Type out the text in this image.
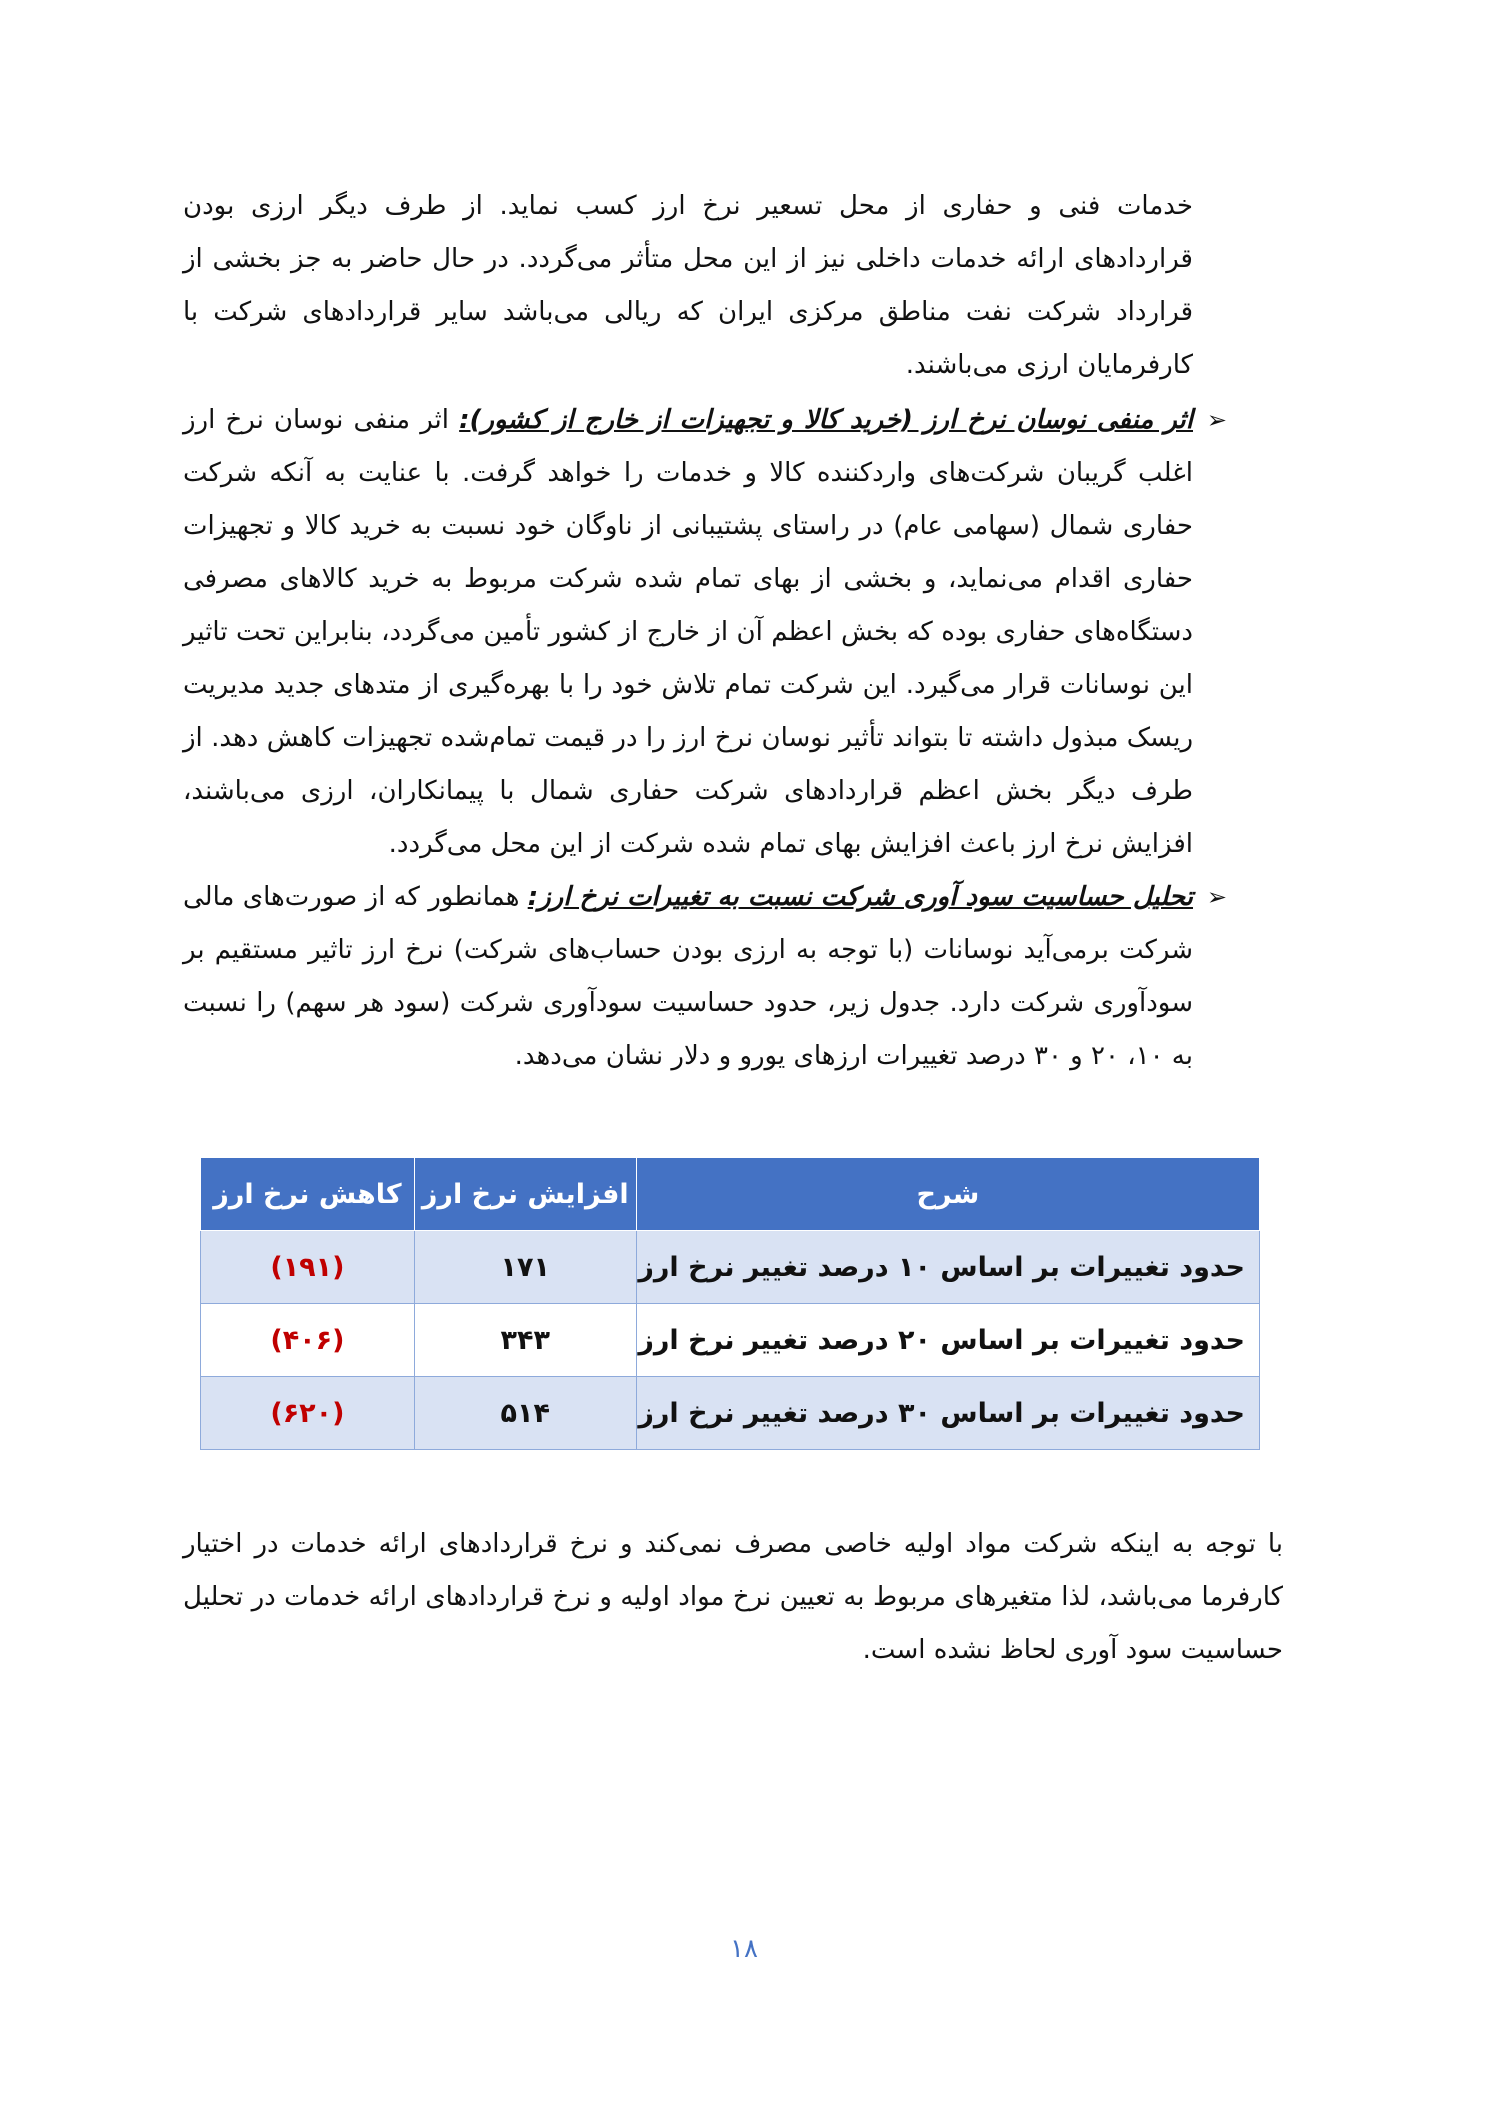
خدمات فنی و حفاری از محل تسعیر نرخ ارز کسب نماید. از طرف دیگر ارزی بودن قراردادهای ارائه خدمات داخلی نیز از این محل متأثر می‌گردد. در حال حاضر به جز بخشی از قرارداد شرکت نفت مناطق مرکزی ایران که ریالی می‌باشد سایر قراردادهای شرکت با کارفرمایان ارزی می‌باشند.
➢
اثر منفی نوسان نرخ ارز (خرید کالا و تجهیزات از خارج از کشور): اثر منفی نوسان نرخ ارز اغلب گریبان شرکت‌های واردکننده کالا و خدمات را خواهد گرفت. با عنایت به آنکه شرکت حفاری شمال (سهامی عام) در راستای پشتیبانی از ناوگان خود نسبت به خرید کالا و تجهیزات حفاری اقدام می‌نماید، و بخشی از بهای تمام شده شرکت مربوط به خرید کالاهای مصرفی دستگاه‌های حفاری بوده که بخش اعظم آن از خارج از کشور تأمین می‌گردد، بنابراین تحت تاثیر این نوسانات قرار می‌گیرد. این شرکت تمام تلاش خود را با بهره‌گیری از متدهای جدید مدیریت ریسک مبذول داشته تا بتواند تأثیر نوسان نرخ ارز را در قیمت تمام‌شده تجهیزات کاهش دهد. از طرف دیگر بخش اعظم قراردادهای شرکت حفاری شمال با پیمانکاران، ارزی می‌باشند، افزایش نرخ ارز باعث افزایش بهای تمام شده شرکت از این محل می‌گردد.
➢
تحلیل حساسیت سود آوری شرکت نسبت به تغییرات نرخ ارز: همانطور که از صورت‌های مالی شرکت برمی‌آید نوسانات (با توجه به ارزی بودن حساب‌های شرکت) نرخ ارز تاثیر مستقیم بر سودآوری شرکت دارد. جدول زیر، حدود حساسیت سودآوری شرکت (سود هر سهم) را نسبت به ۱۰، ۲۰ و ۳۰ درصد تغییرات ارزهای یورو و دلار نشان می‌دهد.
شرح	افزایش نرخ ارز	کاهش نرخ ارز
حدود تغییرات بر اساس ۱۰ درصد تغییر نرخ ارز	۱۷۱	(۱۹۱)
حدود تغییرات بر اساس ۲۰ درصد تغییر نرخ ارز	۳۴۳	(۴۰۶)
حدود تغییرات بر اساس ۳۰ درصد تغییر نرخ ارز	۵۱۴	(۶۲۰)
با توجه به اینکه شرکت مواد اولیه خاصی مصرف نمی‌کند و نرخ قراردادهای ارائه خدمات در اختیار کارفرما می‌باشد، لذا متغیرهای مربوط به تعیین نرخ مواد اولیه و نرخ قراردادهای ارائه خدمات در تحلیل حساسیت سود آوری لحاظ نشده است.
۱۸
